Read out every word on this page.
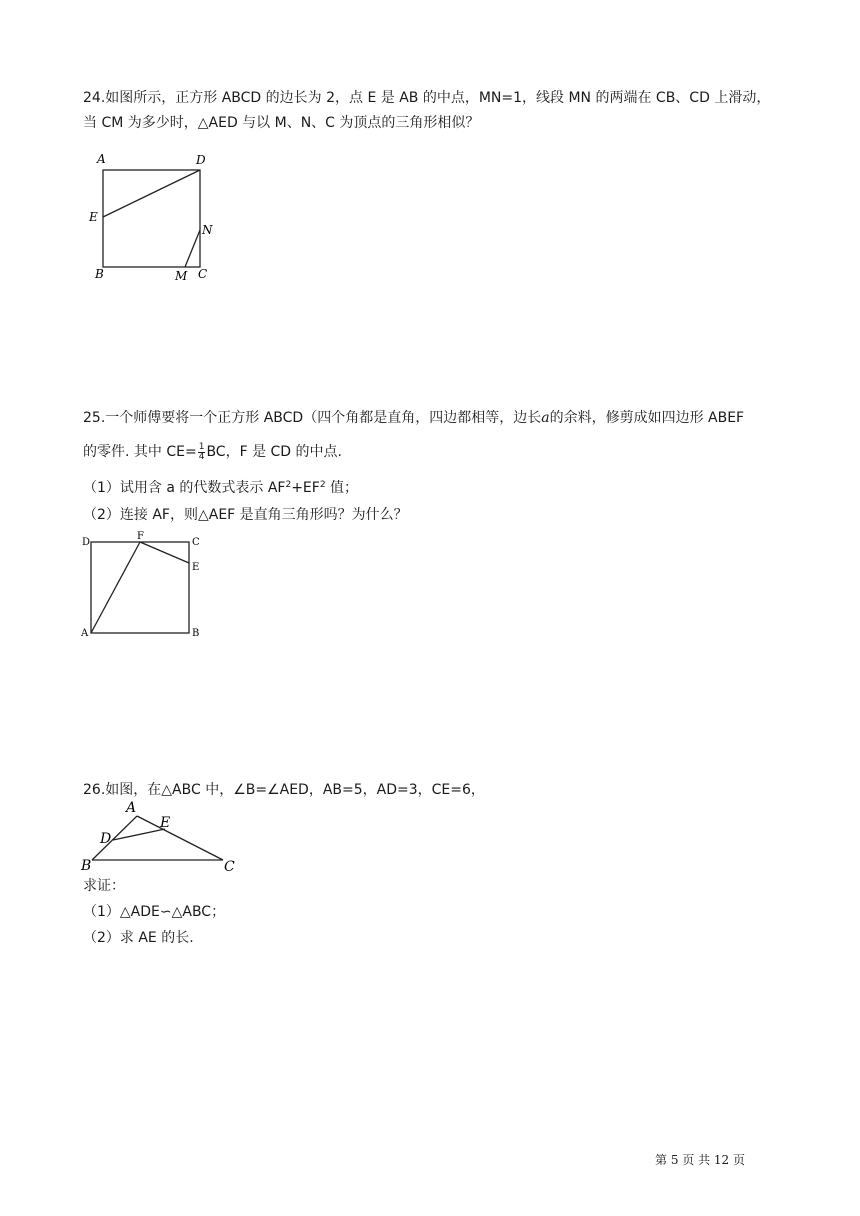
24.如图所示，正方形 ABCD 的边长为 2，点 E 是 AB 的中点，MN=1，线段 MN 的两端在 CB、CD 上滑动，
当 CM 为多少时，△AED 与以 M、N、C 为顶点的三角形相似？
A	D
E
N
B	M C
25.一个师傅要将一个正方形 ABCD（四个角都是直角，四边都相等，边长a的余料，修剪成如四边形 ABEF
的零件. 其中 $CE= \frac{1}{4}$ BC，F 是 CD 的中点.
（1）试用含 a 的代数式表示 $AF^2+EF^2$ 值；
（2）连接 AF，则△AEF 是直角三角形吗？为什么？
D
F
C
E
A	B
26.如图，在△ABC 中，∠B=∠AED，AB=5，AD=3，CE=6，
A
E
D
B	C
求证：
（1）△ADE∽△ABC；
（2）求 AE 的长.
第 5 页 共 12 页
